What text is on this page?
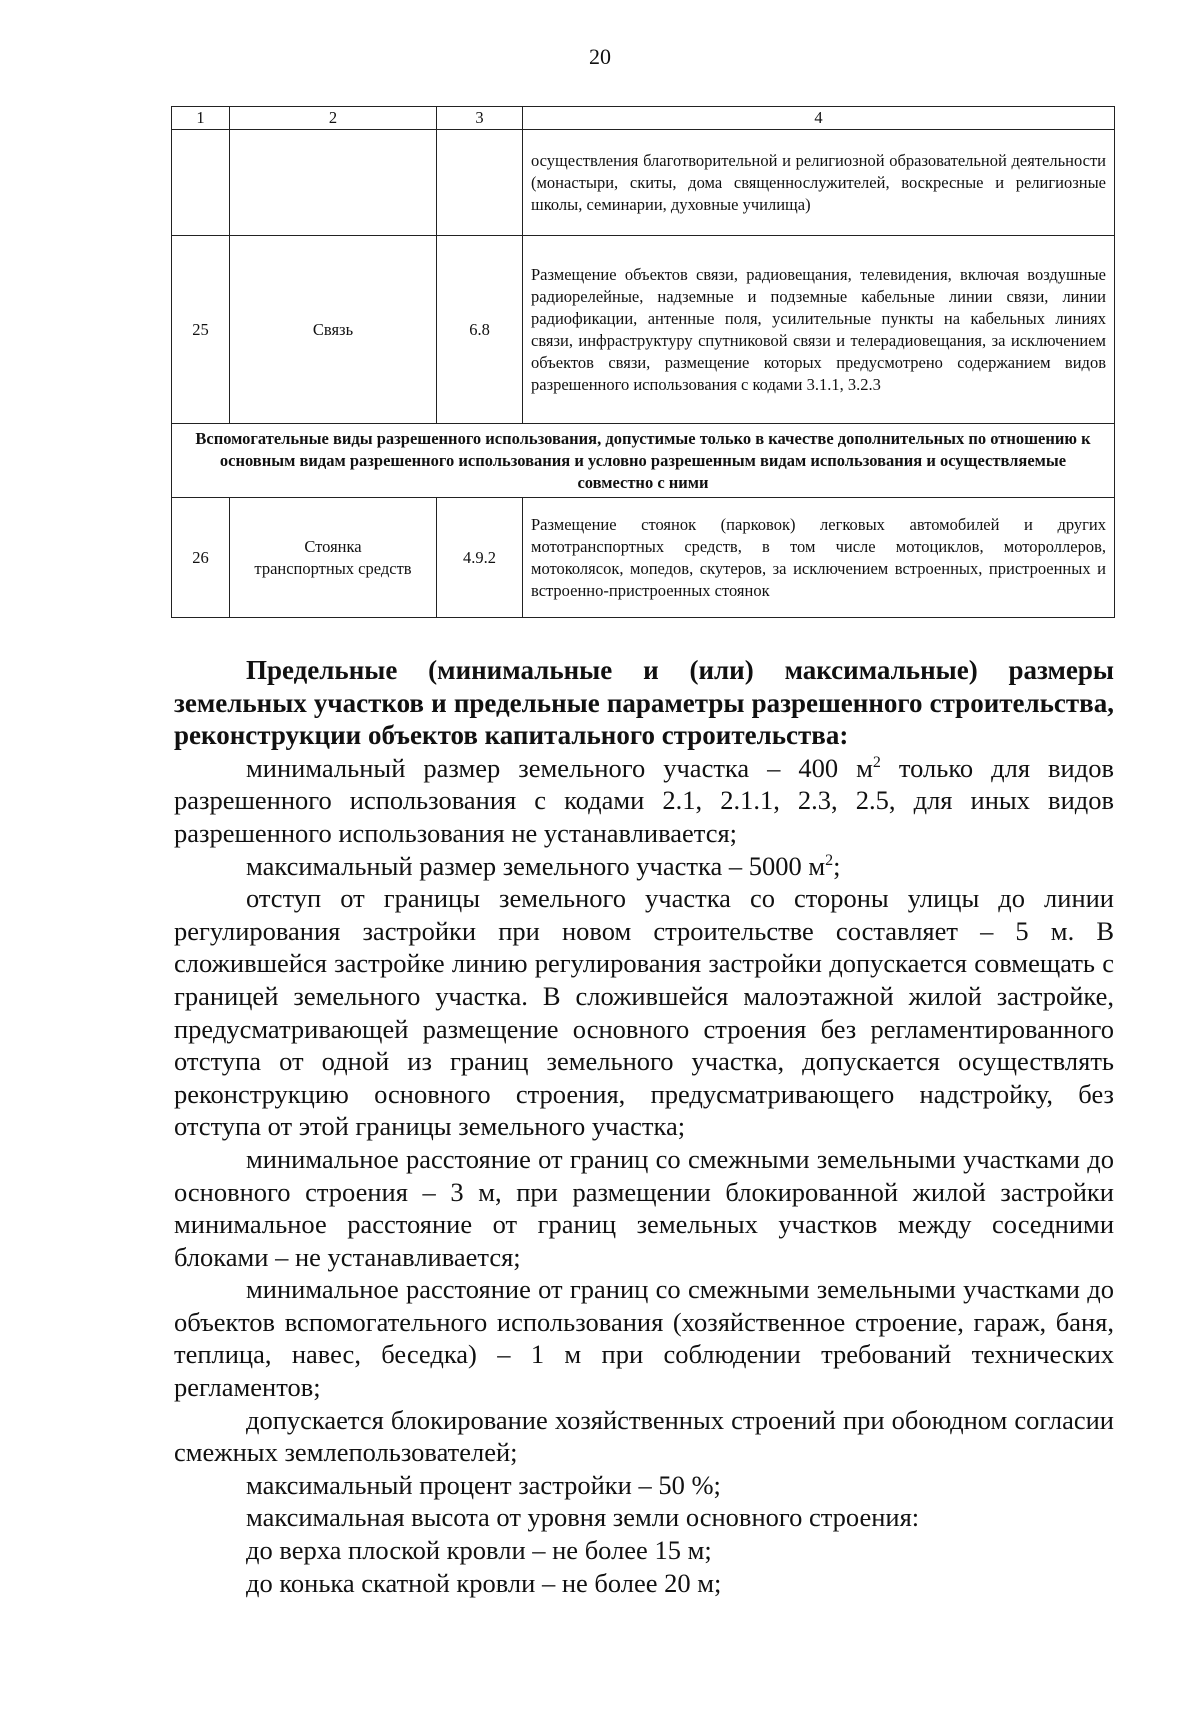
20
1	2	3	4
			осуществления благотворительной и религиозной образовательной деятельности (монастыри, скиты, дома священнослужителей, воскресные и религиозные школы, семинарии, духовные училища)
25	Связь	6.8	Размещение объектов связи, радиовещания, телевидения, включая воздушные радиорелейные, надземные и подземные кабельные линии связи, линии радиофикации, антенные поля, усилительные пункты на кабельных линиях связи, инфраструктуру спутниковой связи и телерадиовещания, за исключением объектов связи, размещение которых предусмотрено содержанием видов разрешенного использования с кодами 3.1.1, 3.2.3
Вспомогательные виды разрешенного использования, допустимые только в качестве дополнительных по отношению к основным видам разрешенного использования и условно разрешенным видам использования и осуществляемые совместно с ними			
26	Стоянка транспортных средств	4.9.2	Размещение стоянок (парковок) легковых автомобилей и других мототранспортных средств, в том числе мотоциклов, мотороллеров, мотоколясок, мопедов, скутеров, за исключением встроенных, пристроенных и встроенно-пристроенных стоянок
Предельные (минимальные и (или) максимальные) размеры земельных участков и предельные параметры разрешенного строительства, реконструкции объектов капитального строительства:

минимальный размер земельного участка – 400 $м^2$ только для видов разрешенного использования с кодами 2.1, 2.1.1, 2.3, 2.5, для иных видов разрешенного использования не устанавливается;

максимальный размер земельного участка – 5000 $м^2$;

отступ от границы земельного участка со стороны улицы до линии регулирования застройки при новом строительстве составляет – 5 м. В сложившейся застройке линию регулирования застройки допускается совмещать с границей земельного участка. В сложившейся малоэтажной жилой застройке, предусматривающей размещение основного строения без регламентированного отступа от одной из границ земельного участка, допускается осуществлять реконструкцию основного строения, предусматривающего надстройку, без отступа от этой границы земельного участка;

минимальное расстояние от границ со смежными земельными участками до основного строения – 3 м, при размещении блокированной жилой застройки минимальное расстояние от границ земельных участков между соседними блоками – не устанавливается;

минимальное расстояние от границ со смежными земельными участками до объектов вспомогательного использования (хозяйственное строение, гараж, баня, теплица, навес, беседка) – 1 м при соблюдении требований технических регламентов;

допускается блокирование хозяйственных строений при обоюдном согласии смежных землепользователей;

максимальный процент застройки – 50 %;

максимальная высота от уровня земли основного строения:

до верха плоской кровли – не более 15 м;

до конька скатной кровли – не более 20 м;
